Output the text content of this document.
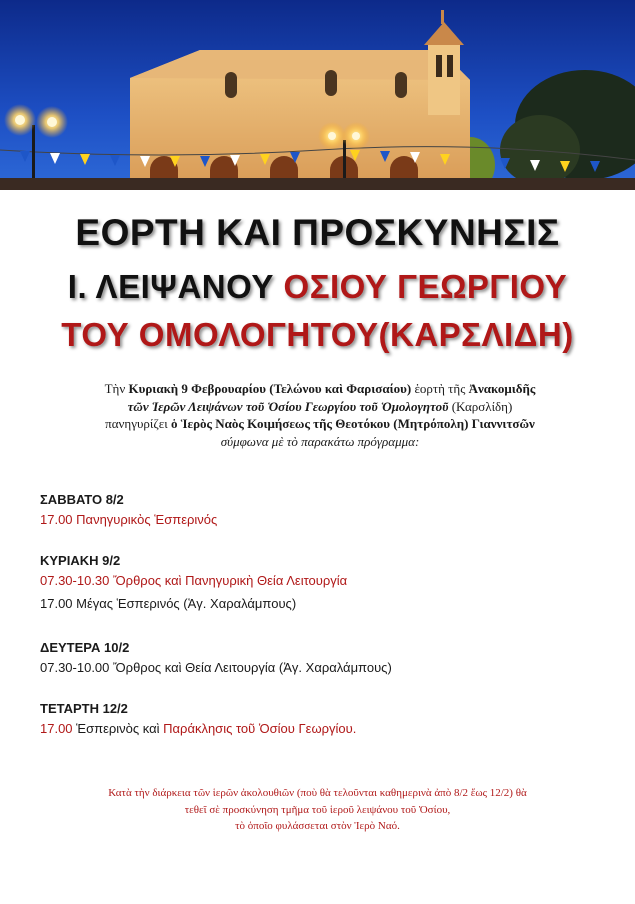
ΕΟΡΤΗ ΚΑΙ ΠΡΟΣΚΥΝΗΣΙΣ
Ι. ΛΕΙΨΑΝΟΥ ΟΣΙΟΥ ΓΕΩΡΓΙΟΥ
ΤΟΥ ΟΜΟΛΟΓΗΤΟΥ(ΚΑΡΣΛΙΔΗ)

Τὴν Κυριακὴ 9 Φεβρουαρίου (Τελώνου καὶ Φαρισαίου) ἑορτὴ τῆς Ἀνακομιδῆς

τῶν Ἱερῶν Λειψάνων τοῦ Ὁσίου Γεωργίου τοῦ Ὁμολογητοῦ (Καρσλίδη)

πανηγυρίζει ὁ Ἱερὸς Ναὸς Κοιμήσεως τῆς Θεοτόκου (Μητρόπολη) Γιαννιτσῶν

σύμφωνα μὲ τὸ παρακάτω πρόγραμμα:

ΣΑΒΒΑΤΟ 8/2
17.00 Πανηγυρικὸς Ἑσπερινός
ΚΥΡΙΑΚΗ 9/2
07.30-10.30 Ὄρθρος καὶ Πανηγυρικὴ Θεία Λειτουργία
17.00 Μέγας Ἑσπερινός (Ἁγ. Χαραλάμπους)
ΔΕΥΤΕΡΑ 10/2
07.30-10.00 Ὄρθρος καὶ Θεία Λειτουργία (Ἁγ. Χαραλάμπους)
ΤΕΤΑΡΤΗ 12/2
17.00 Ἑσπερινὸς καὶ Παράκλησις τοῦ Ὁσίου Γεωργίου.

Κατὰ τὴν διάρκεια τῶν ἱερῶν ἀκολουθιῶν (ποὺ θὰ τελοῦνται καθημερινὰ ἀπὸ 8/2 ἕως 12/2) θὰ

τεθεῖ σὲ προσκύνηση τμῆμα τοῦ ἱεροῦ λειψάνου τοῦ Ὁσίου,

τὸ ὁποῖο φυλάσσεται στὸν Ἱερὸ Ναό.
